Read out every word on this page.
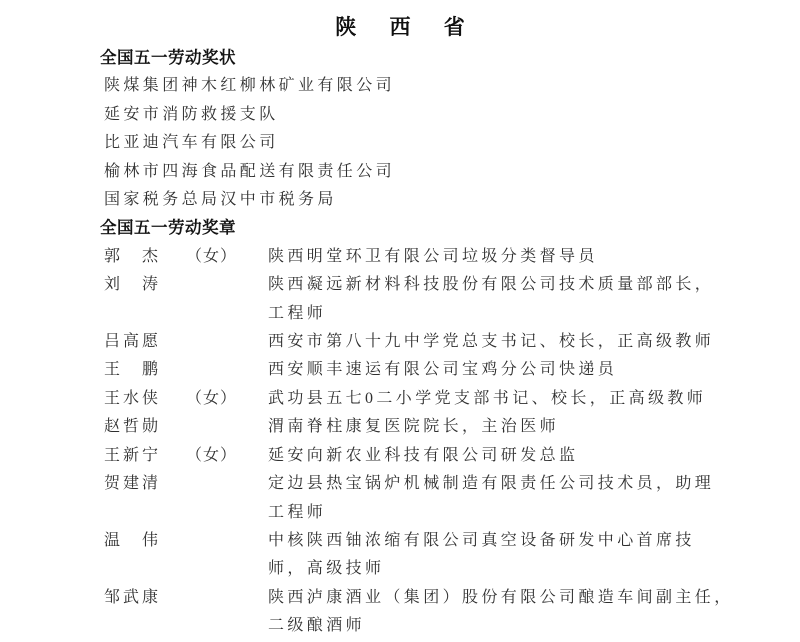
陕 西 省
全国五一劳动奖状
陕煤集团神木红柳林矿业有限公司
延安市消防救援支队
比亚迪汽车有限公司
榆林市四海食品配送有限责任公司
国家税务总局汉中市税务局
全国五一劳动奖章
郭杰 （女）	陕西明堂环卫有限公司垃圾分类督导员
刘涛	陕西凝远新材料科技股份有限公司技术质量部部长，
工程师
吕高愿	西安市第八十九中学党总支书记、校长，正高级教师
王鹏	西安顺丰速运有限公司宝鸡分公司快递员
王水侠 （女）	武功县五七0二小学党支部书记、校长，正高级教师
赵哲勋	渭南脊柱康复医院院长，主治医师
王新宁 （女）	延安向新农业科技有限公司研发总监
贺建清	定边县热宝锅炉机械制造有限责任公司技术员，助理
工程师
温伟	中核陕西铀浓缩有限公司真空设备研发中心首席技
师，高级技师
邹武康	陕西泸康酒业（集团）股份有限公司酿造车间副主任，
二级酿酒师
